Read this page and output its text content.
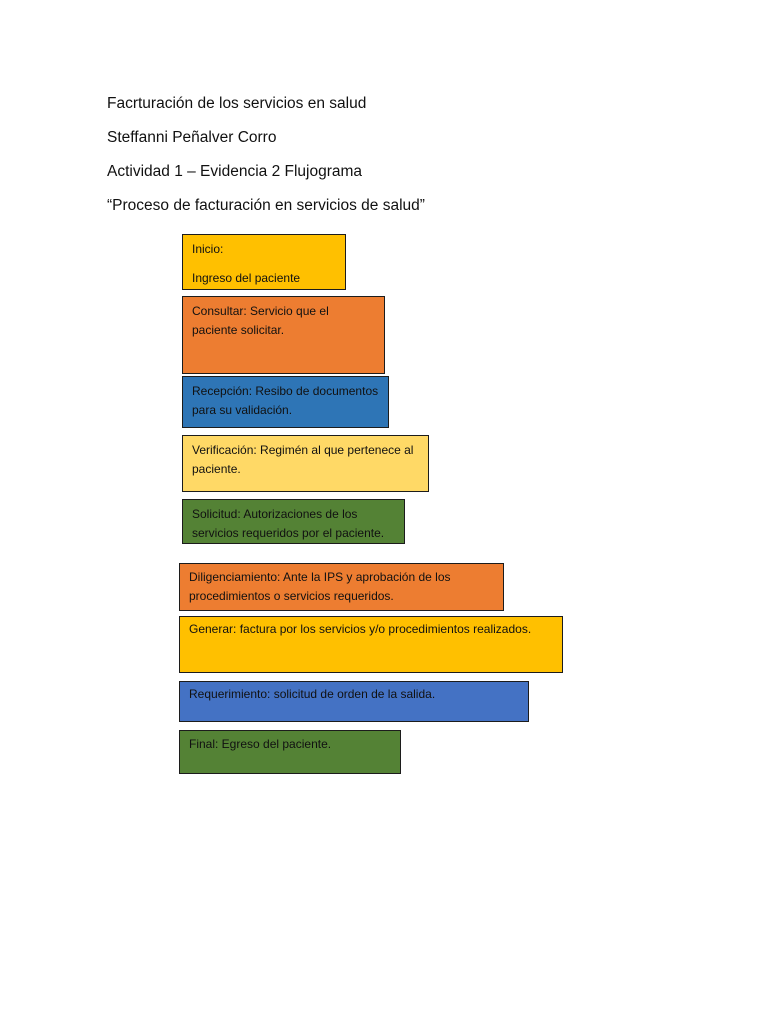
Facrturación de los servicios en salud
Steffanni Peñalver Corro
Actividad 1 – Evidencia 2 Flujograma
“Proceso de facturación en servicios de salud”

Inicio:

Ingreso del paciente

Consultar: Servicio que el paciente solicitar.

Recepción: Resibo de documentos para su validación.

Verificación: Regimén al que pertenece al paciente.

Solicitud: Autorizaciones de los servicios requeridos por el paciente.

Diligenciamiento: Ante la IPS y aprobación de los procedimientos o servicios requeridos.

Generar: factura por los servicios y/o procedimientos realizados.

Requerimiento: solicitud de orden de la salida.

Final: Egreso del paciente.
